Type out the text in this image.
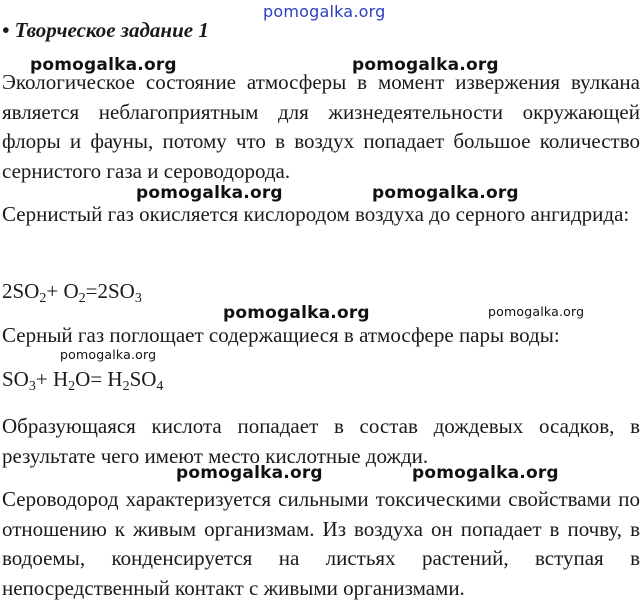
pomogalka.org

• Творческое задание 1

Экологическое состояние атмосферы в момент извержения вулкана является неблагоприятным для жизнедеятельности окружающей флоры и фауны, потому что в воздух попадает большое количество сернистого газа и сероводорода.

Сернистый газ окисляется кислородом воздуха до серного ангидрида:

$2SO_2+ O_2=2SO_3$

Серный газ поглощает содержащиеся в атмосфере пары воды:

$SO_3+ H_2O= H_2SO_4$

Образующаяся кислота попадает в состав дождевых осадков, в результате чего имеют место кислотные дожди.

Сероводород характеризуется сильными токсическими свойствами по отношению к живым организмам. Из воздуха он попадает в почву, в водоемы, конденсируется на листьях растений, вступая в непосредственный контакт с живыми организмами.

pomogalka.org	pomogalka.org
pomogalka.org	pomogalka.org
pomogalka.org	pomogalka.org
pomogalka.org
pomogalka.org	pomogalka.org
